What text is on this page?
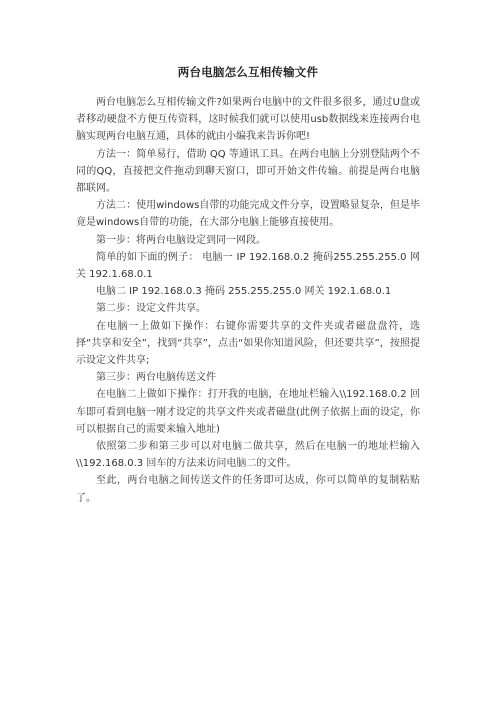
两台电脑怎么互相传输文件

两台电脑怎么互相传输文件?如果两台电脑中的文件很多很多，通过U盘或者移动硬盘不方便互传资料，这时候我们就可以使用usb数据线来连接两台电脑实现两台电脑互通，具体的就由小编我来告诉你吧!

方法一：简单易行，借助 QQ 等通讯工具。在两台电脑上分别登陆两个不同的QQ，直接把文件拖动到聊天窗口，即可开始文件传输。前提是两台电脑都联网。

方法二：使用windows自带的功能完成文件分享，设置略显复杂，但是毕竟是windows自带的功能，在大部分电脑上能够直接使用。

第一步：将两台电脑设定到同一网段。

简单的如下面的例子： 电脑一 IP 192.168.0.2 掩码255.255.255.0 网关 192.1.68.0.1

电脑二 IP 192.168.0.3 掩码 255.255.255.0 网关 192.1.68.0.1

第二步：设定文件共享。

在电脑一上做如下操作：右键你需要共享的文件夹或者磁盘盘符，选择“共享和安全”，找到“共享”，点击“如果你知道风险，但还要共享”，按照提示设定文件共享;

第三步：两台电脑传送文件

在电脑二上做如下操作：打开我的电脑，在地址栏输入\\192.168.0.2 回车即可看到电脑一刚才设定的共享文件夹或者磁盘(此例子依据上面的设定，你可以根据自己的需要来输入地址)

依照第二步和第三步可以对电脑二做共享，然后在电脑一的地址栏输入\\192.168.0.3 回车的方法来访问电脑二的文件。

至此，两台电脑之间传送文件的任务即可达成，你可以简单的复制粘贴了。
